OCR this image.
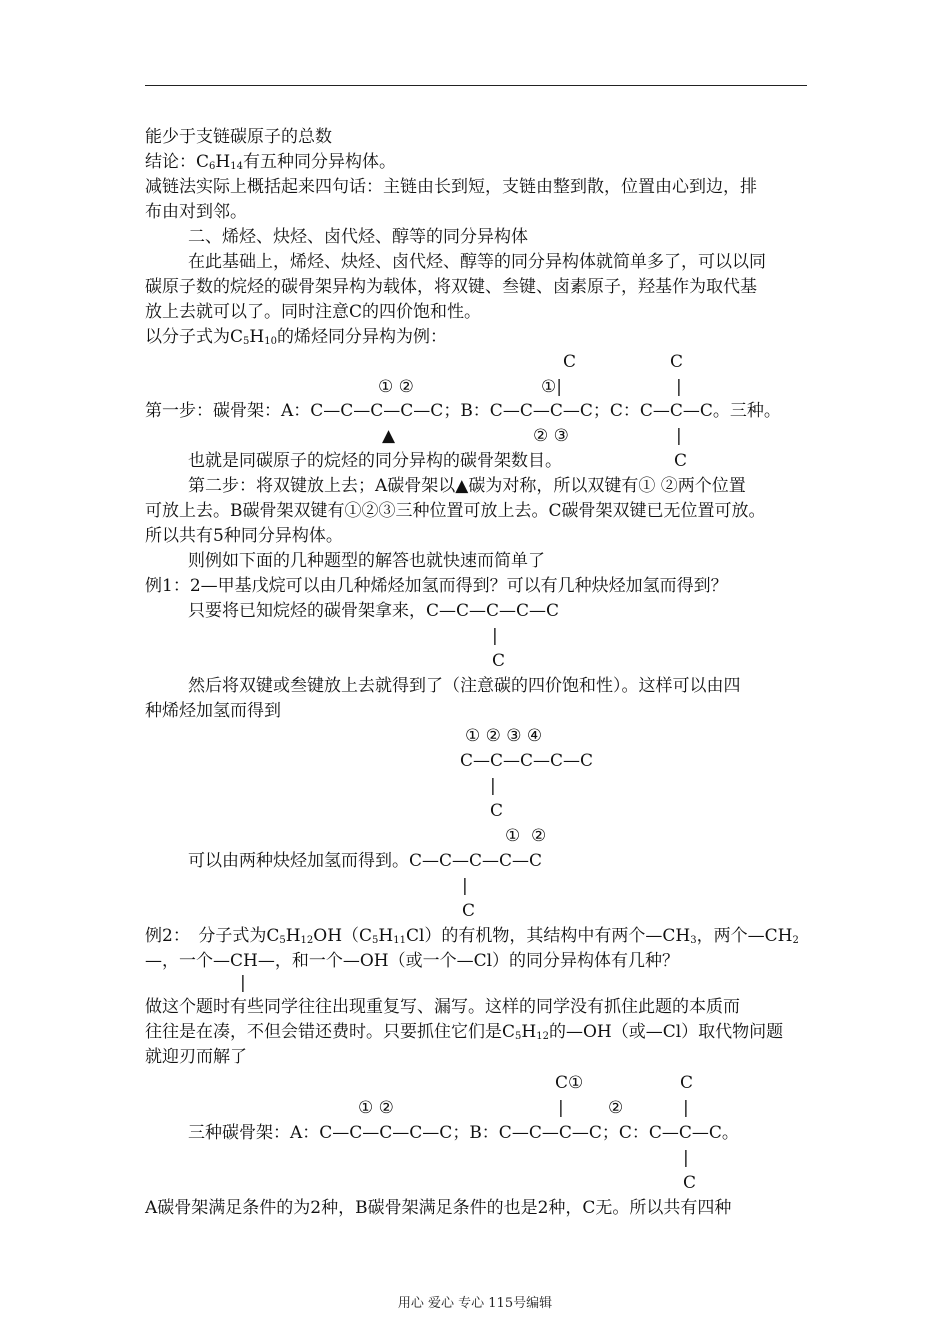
能少于支链碳原子的总数
结论：$C_6H_{14}$有五种同分异构体。
减链法实际上概括起来四句话：主链由长到短，支链由整到散，位置由心到边，排
布由对到邻。
二、烯烃、炔烃、卤代烃、醇等的同分异构体
在此基础上，烯烃、炔烃、卤代烃、醇等的同分异构体就简单多了，可以以同
碳原子数的烷烃的碳骨架异构为载体，将双键、叁键、卤素原子，羟基作为取代基
放上去就可以了。同时注意C的四价饱和性。
以分子式为$C_5H_{10}$的烯烃同分异构为例：
C	C
① ②	①|	|
第一步：碳骨架：A：C—C—C—C—C；B：C—C—C—C；C：C—C—C。三种。
▲	② ③	|
也就是同碳原子的烷烃的同分异构的碳骨架数目。	C
第二步：将双键放上去；A碳骨架以▲碳为对称，所以双键有① ②两个位置
可放上去。B碳骨架双键有①②③三种位置可放上去。C碳骨架双键已无位置可放。
所以共有5种同分异构体。
则例如下面的几种题型的解答也就快速而简单了
例1：2—甲基戊烷可以由几种烯烃加氢而得到？可以有几种炔烃加氢而得到？
只要将已知烷烃的碳骨架拿来，C—C—C—C—C
|
C
然后将双键或叁键放上去就得到了（注意碳的四价饱和性）。这样可以由四
种烯烃加氢而得到
① ② ③ ④
C—C—C—C—C
|
C
① ②
可以由两种炔烃加氢而得到。C—C—C—C—C
|
C
例2：　分子式为$C_5H_{12}OH(C_5H_{11}Cl)$的有机物，其结构中有两个$—CH_3$，两个$—CH_2$
—，一个—CH—，和一个—OH（或一个—Cl）的同分异构体有几种？
|
做这个题时有些同学往往出现重复写、漏写。这样的同学没有抓住此题的本质而
往往是在凑，不但会错还费时。只要抓住它们是$C_5H_{12}$的—OH（或—Cl）取代物问题
就迎刃而解了
C①	C
① ②	|	②	|
三种碳骨架：A：C—C—C—C—C；B：C—C—C—C；C：C—C—C。
|
C
A碳骨架满足条件的为2种，B碳骨架满足条件的也是2种，C无。所以共有四种
用心 爱心 专心 115号编辑
